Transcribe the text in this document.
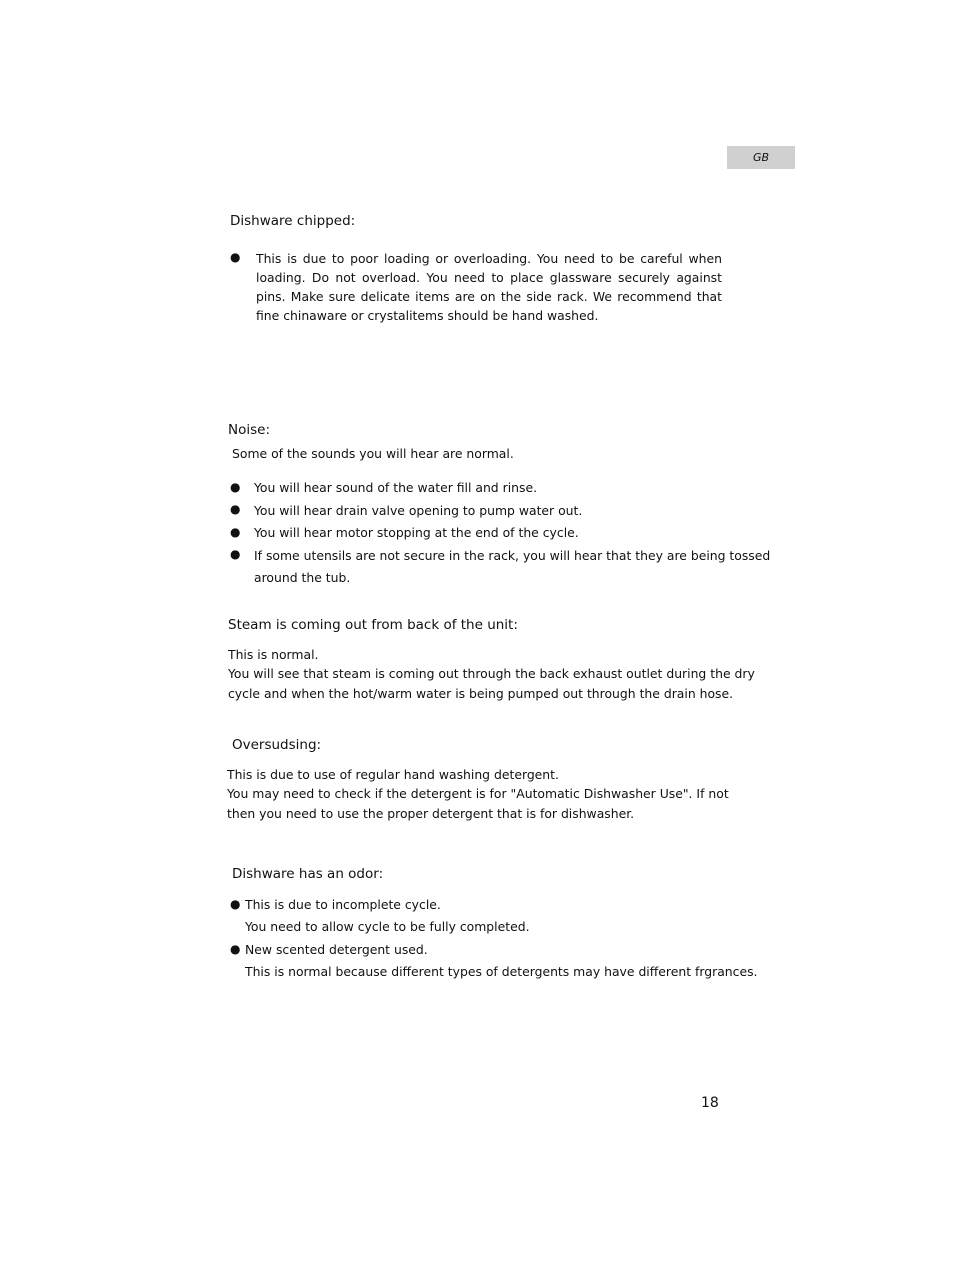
GB
Dishware chipped:
● This is due to poor loading or overloading. You need to be careful when loading. Do not overload. You need to place glassware securely against pins. Make sure delicate items are on the side rack. We recommend that fine chinaware or crystalitems should be hand washed.
Noise:
Some of the sounds you will hear are normal.
● You will hear sound of the water fill and rinse.
● You will hear drain valve opening to pump water out.
● You will hear motor stopping at the end of the cycle.
● If some utensils are not secure in the rack, you will hear that they are being tossed
around the tub.
Steam is coming out from back of the unit:
This is normal.
You will see that steam is coming out through the back exhaust outlet during the dry
cycle and when the hot/warm water is being pumped out through the drain hose.
Oversudsing:
This is due to use of regular hand washing detergent.
You may need to check if the detergent is for "Automatic Dishwasher Use". If not
then you need to use the proper detergent that is for dishwasher.
Dishware has an odor:
● This is due to incomplete cycle.
You need to allow cycle to be fully completed.
● New scented detergent used.
This is normal because different types of detergents may have different frgrances.
18
